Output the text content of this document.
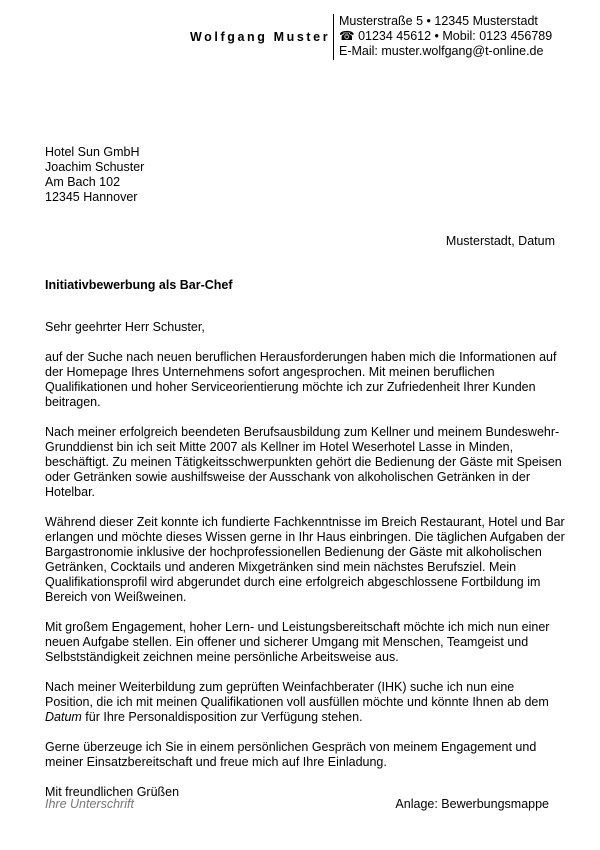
Wolfgang Muster
Musterstraße 5 • 12345 Musterstadt
☎ 01234 45612 • Mobil: 0123 456789
E-Mail: muster.wolfgang@t-online.de
Hotel Sun GmbH
Joachim Schuster
Am Bach 102
12345 Hannover
Musterstadt, Datum
Initiativbewerbung als Bar-Chef

Sehr geehrter Herr Schuster,

auf der Suche nach neuen beruflichen Herausforderungen haben mich die Informationen auf der Homepage Ihres Unternehmens sofort angesprochen. Mit meinen beruflichen Qualifikationen und hoher Serviceorientierung möchte ich zur Zufriedenheit Ihrer Kunden beitragen.

Nach meiner erfolgreich beendeten Berufsausbildung zum Kellner und meinem Bundeswehr-Grunddienst bin ich seit Mitte 2007 als Kellner im Hotel Weserhotel Lasse in Minden, beschäftigt. Zu meinen Tätigkeitsschwerpunkten gehört die Bedienung der Gäste mit Speisen oder Getränken sowie aushilfsweise der Ausschank von alkoholischen Getränken in der Hotelbar.

Während dieser Zeit konnte ich fundierte Fachkenntnisse im Breich Restaurant, Hotel und Bar erlangen und möchte dieses Wissen gerne in Ihr Haus einbringen. Die täglichen Aufgaben der Bargastronomie inklusive der hochprofessionellen Bedienung der Gäste mit alkoholischen Getränken, Cocktails und anderen Mixgetränken sind mein nächstes Berufsziel. Mein Qualifikationsprofil wird abgerundet durch eine erfolgreich abgeschlossene Fortbildung im Bereich von Weißweinen.

Mit großem Engagement, hoher Lern- und Leistungsbereitschaft möchte ich mich nun einer neuen Aufgabe stellen. Ein offener und sicherer Umgang mit Menschen, Teamgeist und Selbstständigkeit zeichnen meine persönliche Arbeitsweise aus.

Nach meiner Weiterbildung zum geprüften Weinfachberater (IHK) suche ich nun eine Position, die ich mit meinen Qualifikationen voll ausfüllen möchte und könnte Ihnen ab dem Datum für Ihre Personaldisposition zur Verfügung stehen.

Gerne überzeuge ich Sie in einem persönlichen Gespräch von meinem Engagement und meiner Einsatzbereitschaft und freue mich auf Ihre Einladung.

Mit freundlichen Grüßen

Ihre Unterschrift	Anlage: Bewerbungsmappe
